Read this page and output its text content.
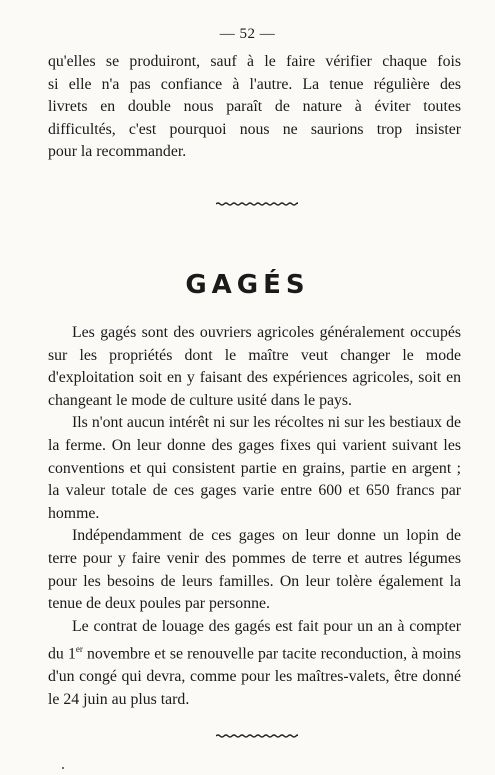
— 52 —

qu'elles se produiront, sauf à le faire vérifier chaque fois

si elle n'a pas confiance à l'autre. La tenue régulière des

livrets en double nous paraît de nature à éviter toutes

difficultés, c'est pourquoi nous ne saurions trop insister

pour la recommander.

GAGÉS

Les gagés sont des ouvriers agricoles généralement occupés sur les propriétés dont le maître veut changer le mode d'exploitation soit en y faisant des expériences agricoles, soit en changeant le mode de culture usité dans le pays.

Ils n'ont aucun intérêt ni sur les récoltes ni sur les bestiaux de la ferme. On leur donne des gages fixes qui varient suivant les conventions et qui consistent partie en grains, partie en argent ; la valeur totale de ces gages varie entre 600 et 650 francs par homme.

Indépendamment de ces gages on leur donne un lopin de terre pour y faire venir des pommes de terre et autres légumes pour les besoins de leurs familles. On leur tolère également la tenue de deux poules par personne.

Le contrat de louage des gagés est fait pour un an à compter du 1er novembre et se renouvelle par tacite reconduction, à moins d'un congé qui devra, comme pour les maîtres-valets, être donné le 24 juin au plus tard.
